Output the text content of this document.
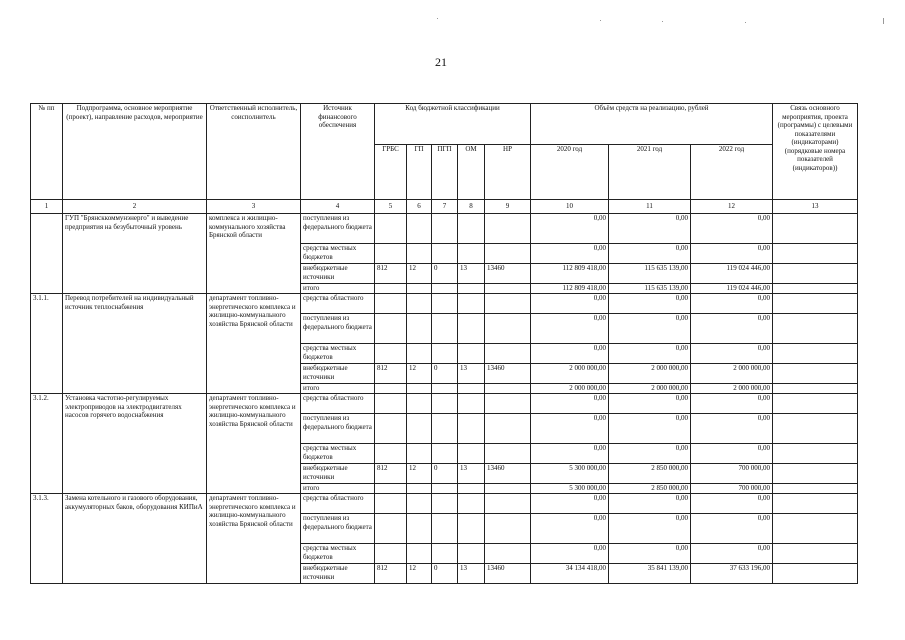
21
№ пп	Подпрограмма, основное мероприятие (проект), направление расходов, мероприятие	Ответственный исполнитель, соисполнитель	Источник финансового обеспечения	Код бюджетной классификации					Объём средств на реализацию, рублей			Связь основного мероприятия, проекта (программы) с целевыми показателями (индикаторами) (порядковые номера показателей (индикаторов))
				ГРБС	ГП	ПГП	ОМ	НР	2020 год	2021 год	2022 год	
1	2	3	4	5	6	7	8	9	10	11	12	13
	ГУП "Брянсккоммунэнерго" и выведение предприятия на безубыточный уровень	комплекса и жилищно-коммунального хозяйства Брянской области	поступления из федерального бюджета						0,00	0,00	0,00	
			средства местных бюджетов						0,00	0,00	0,00	
			внебюджетные источники	812	12	0	13	13460	112 809 418,00	115 635 139,00	119 024 446,00	
			итого						112 809 418,00	115 635 139,00	119 024 446,00	
3.1.1.	Перевод потребителей на индивидуальный источник теплоснабжения	департамент топливно-энергетического комплекса и жилищно-коммунального хозяйства Брянской области	средства областного						0,00	0,00	0,00	
			поступления из федерального бюджета						0,00	0,00	0,00	
			средства местных бюджетов						0,00	0,00	0,00	
			внебюджетные источники	812	12	0	13	13460	2 000 000,00	2 000 000,00	2 000 000,00	
			итого						2 000 000,00	2 000 000,00	2 000 000,00	
3.1.2.	Установка частотно-регулируемых электроприводов на электродвигателях насосов горячего водоснабжения	департамент топливно-энергетического комплекса и жилищно-коммунального хозяйства Брянской области	средства областного						0,00	0,00	0,00	
			поступления из федерального бюджета						0,00	0,00	0,00	
			средства местных бюджетов						0,00	0,00	0,00	
			внебюджетные источники	812	12	0	13	13460	5 300 000,00	2 850 000,00	700 000,00	
			итого						5 300 000,00	2 850 000,00	700 000,00	
3.1.3.	Замена котельного и газового оборудования, аккумуляторных баков, оборудования КИПиА	департамент топливно-энергетического комплекса и жилищно-коммунального хозяйства Брянской области	средства областного						0,00	0,00	0,00	
			поступления из федерального бюджета						0,00	0,00	0,00	
			средства местных бюджетов						0,00	0,00	0,00	
			внебюджетные источники	812	12	0	13	13460	34 134 418,00	35 841 139,00	37 633 196,00	
